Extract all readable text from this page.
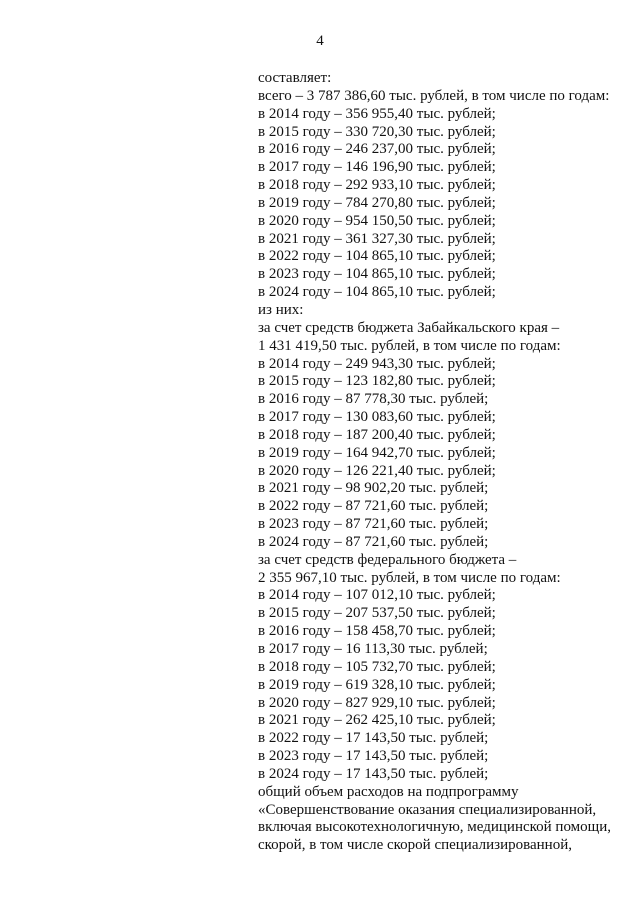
4
составляет:
всего – 3 787 386,60 тыс. рублей, в том числе по годам:
в 2014 году – 356 955,40 тыс. рублей;
в 2015 году – 330 720,30 тыс. рублей;
в 2016 году – 246 237,00 тыс. рублей;
в 2017 году – 146 196,90 тыс. рублей;
в 2018 году – 292 933,10 тыс. рублей;
в 2019 году – 784 270,80 тыс. рублей;
в 2020 году – 954 150,50 тыс. рублей;
в 2021 году – 361 327,30 тыс. рублей;
в 2022 году – 104 865,10 тыс. рублей;
в 2023 году – 104 865,10 тыс. рублей;
в 2024 году – 104 865,10 тыс. рублей;
из них:
за счет средств бюджета Забайкальского края –
1 431 419,50 тыс. рублей, в том числе по годам:
в 2014 году – 249 943,30 тыс. рублей;
в 2015 году – 123 182,80 тыс. рублей;
в 2016 году – 87 778,30 тыс. рублей;
в 2017 году – 130 083,60 тыс. рублей;
в 2018 году – 187 200,40 тыс. рублей;
в 2019 году – 164 942,70 тыс. рублей;
в 2020 году – 126 221,40 тыс. рублей;
в 2021 году – 98 902,20 тыс. рублей;
в 2022 году – 87 721,60 тыс. рублей;
в 2023 году – 87 721,60 тыс. рублей;
в 2024 году – 87 721,60 тыс. рублей;
за счет средств федерального бюджета –
2 355 967,10 тыс. рублей, в том числе по годам:
в 2014 году – 107 012,10 тыс. рублей;
в 2015 году – 207 537,50 тыс. рублей;
в 2016 году – 158 458,70 тыс. рублей;
в 2017 году – 16 113,30 тыс. рублей;
в 2018 году – 105 732,70 тыс. рублей;
в 2019 году – 619 328,10 тыс. рублей;
в 2020 году – 827 929,10 тыс. рублей;
в 2021 году – 262 425,10 тыс. рублей;
в 2022 году – 17 143,50 тыс. рублей;
в 2023 году – 17 143,50 тыс. рублей;
в 2024 году – 17 143,50 тыс. рублей;
общий объем расходов на подпрограмму
«Совершенствование оказания специализированной,
включая высокотехнологичную, медицинской помощи,
скорой, в том числе скорой специализированной,
